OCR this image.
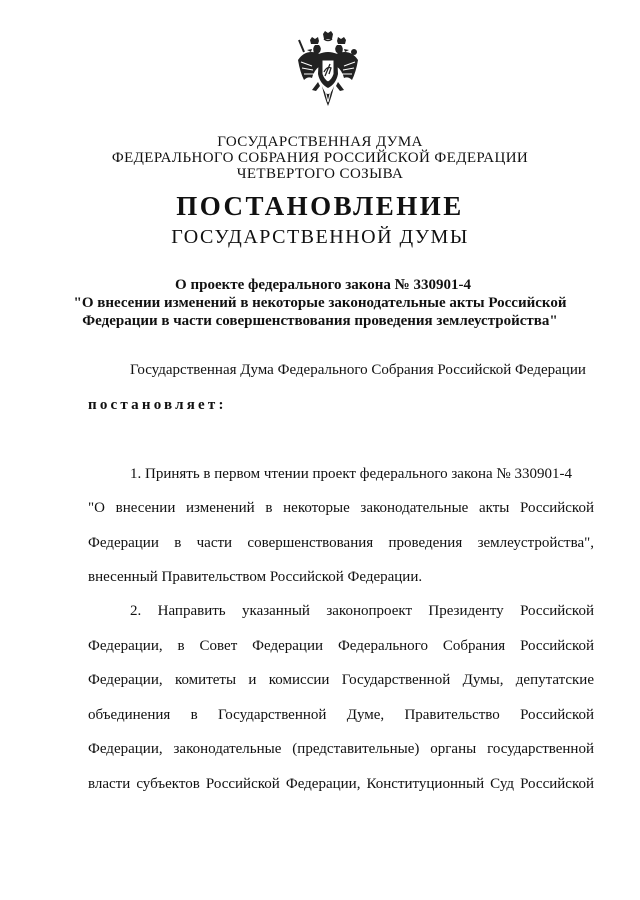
ГОСУДАРСТВЕННАЯ ДУМА
ФЕДЕРАЛЬНОГО СОБРАНИЯ РОССИЙСКОЙ ФЕДЕРАЦИИ
ЧЕТВЕРТОГО СОЗЫВА
ПОСТАНОВЛЕНИЕ
ГОСУДАРСТВЕННОЙ ДУМЫ
О проекте федерального закона № 330901-4
"О внесении изменений в некоторые законодательные акты Российской
Федерации в части совершенствования проведения землеустройства"
Государственная Дума Федерального Собрания Российской Федерации
постановляет:
1. Принять в первом чтении проект федерального закона № 330901-4
"О внесении изменений в некоторые законодательные акты Российской
Федерации в части совершенствования проведения землеустройства",
внесенный Правительством Российской Федерации.
2. Направить указанный законопроект Президенту Российской
Федерации, в Совет Федерации Федерального Собрания Российской
Федерации, комитеты и комиссии Государственной Думы, депутатские
объединения в Государственной Думе, Правительство Российской
Федерации, законодательные (представительные) органы государственной
власти субъектов Российской Федерации, Конституционный Суд Российской
